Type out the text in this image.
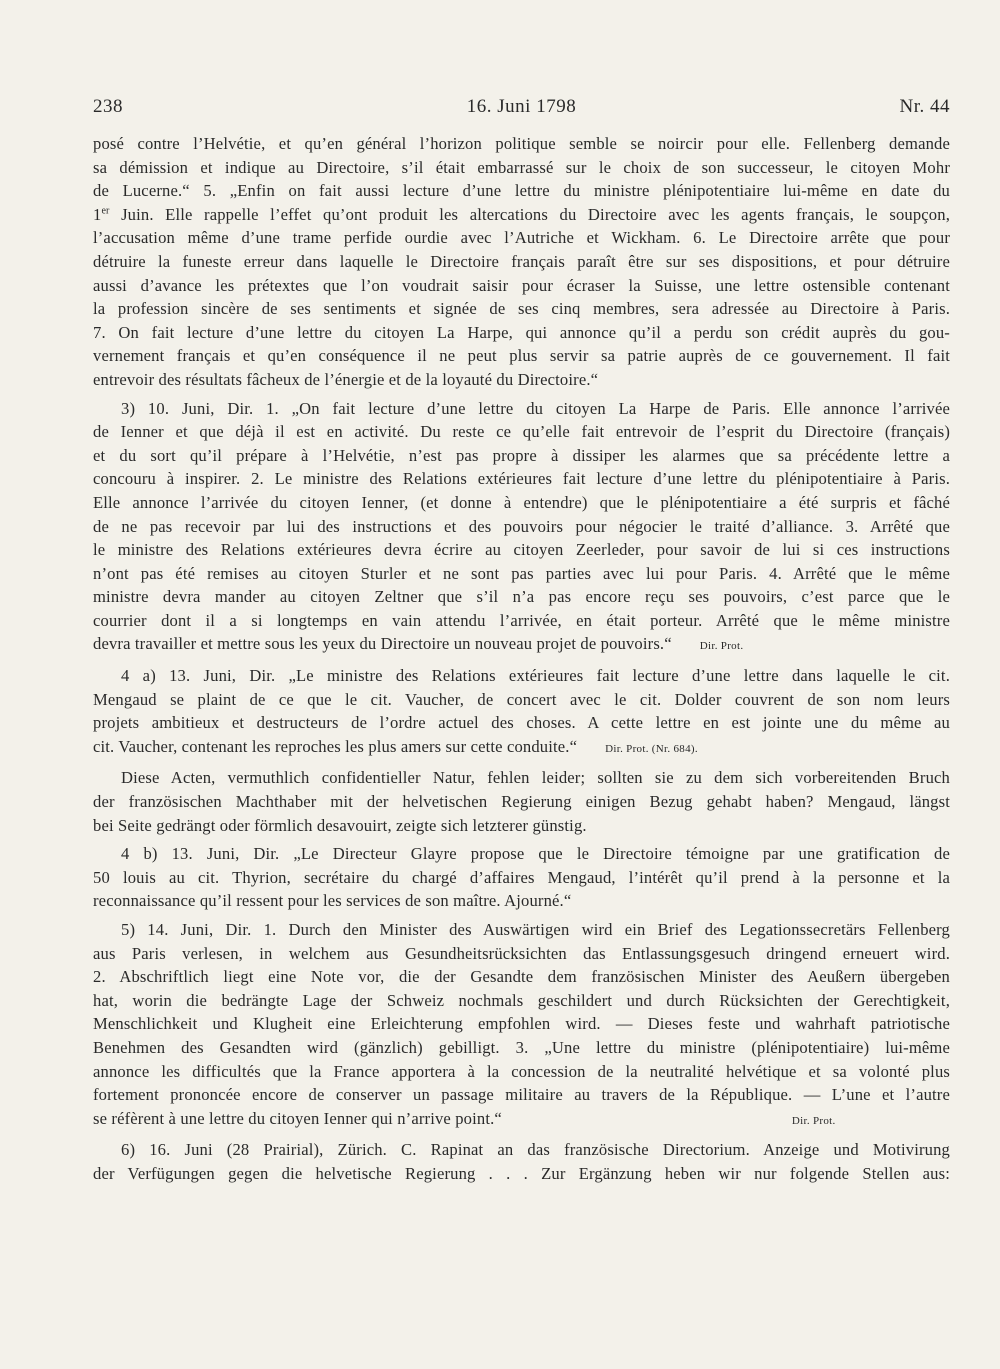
238	16. Juni 1798	Nr. 44

posé contre l’Helvétie, et qu’en général l’horizon politique semble se noircir pour elle. Fellenberg demande
sa démission et indique au Directoire, s’il était embarrassé sur le choix de son successeur, le citoyen Mohr
de Lucerne.“ 5. „Enfin on fait aussi lecture d’une lettre du ministre plénipotentiaire lui-même en date du
1er Juin. Elle rappelle l’effet qu’ont produit les altercations du Directoire avec les agents français, le soupçon,
l’accusation même d’une trame perfide ourdie avec l’Autriche et Wickham. 6. Le Directoire arrête que pour
détruire la funeste erreur dans laquelle le Directoire français paraît être sur ses dispositions, et pour détruire
aussi d’avance les prétextes que l’on voudrait saisir pour écraser la Suisse, une lettre ostensible contenant
la profession sincère de ses sentiments et signée de ses cinq membres, sera adressée au Directoire à Paris.
7. On fait lecture d’une lettre du citoyen La Harpe, qui annonce qu’il a perdu son crédit auprès du gou-
vernement français et qu’en conséquence il ne peut plus servir sa patrie auprès de ce gouvernement. Il fait
entrevoir des résultats fâcheux de l’énergie et de la loyauté du Directoire.“

3) 10. Juni, Dir. 1. „On fait lecture d’une lettre du citoyen La Harpe de Paris. Elle annonce l’arrivée
de Ienner et que déjà il est en activité. Du reste ce qu’elle fait entrevoir de l’esprit du Directoire (français)
et du sort qu’il prépare à l’Helvétie, n’est pas propre à dissiper les alarmes que sa précédente lettre a
concouru à inspirer. 2. Le ministre des Relations extérieures fait lecture d’une lettre du plénipotentiaire à Paris.
Elle annonce l’arrivée du citoyen Ienner, (et donne à entendre) que le plénipotentiaire a été surpris et fâché
de ne pas recevoir par lui des instructions et des pouvoirs pour négocier le traité d’alliance. 3. Arrêté que
le ministre des Relations extérieures devra écrire au citoyen Zeerleder, pour savoir de lui si ces instructions
n’ont pas été remises au citoyen Sturler et ne sont pas parties avec lui pour Paris. 4. Arrêté que le même
ministre devra mander au citoyen Zeltner que s’il n’a pas encore reçu ses pouvoirs, c’est parce que le
courrier dont il a si longtemps en vain attendu l’arrivée, en était porteur. Arrêté que le même ministre
devra travailler et mettre sous les yeux du Directoire un nouveau projet de pouvoirs.“	Dir. Prot.

4 a) 13. Juni, Dir. „Le ministre des Relations extérieures fait lecture d’une lettre dans laquelle le cit.
Mengaud se plaint de ce que le cit. Vaucher, de concert avec le cit. Dolder couvrent de son nom leurs
projets ambitieux et destructeurs de l’ordre actuel des choses. A cette lettre en est jointe une du même au
cit. Vaucher, contenant les reproches les plus amers sur cette conduite.“	Dir. Prot. (Nr. 684).

Diese Acten, vermuthlich confidentieller Natur, fehlen leider; sollten sie zu dem sich vorbereitenden Bruch
der französischen Machthaber mit der helvetischen Regierung einigen Bezug gehabt haben? Mengaud, längst
bei Seite gedrängt oder förmlich desavouirt, zeigte sich letzterer günstig.

4 b) 13. Juni, Dir. „Le Directeur Glayre propose que le Directoire témoigne par une gratification de
50 louis au cit. Thyrion, secrétaire du chargé d’affaires Mengaud, l’intérêt qu’il prend à la personne et la
reconnaissance qu’il ressent pour les services de son maître. Ajourné.“

5) 14. Juni, Dir. 1. Durch den Minister des Auswärtigen wird ein Brief des Legationssecretärs Fellenberg
aus Paris verlesen, in welchem aus Gesundheitsrücksichten das Entlassungsgesuch dringend erneuert wird.
2. Abschriftlich liegt eine Note vor, die der Gesandte dem französischen Minister des Aeußern übergeben
hat, worin die bedrängte Lage der Schweiz nochmals geschildert und durch Rücksichten der Gerechtigkeit,
Menschlichkeit und Klugheit eine Erleichterung empfohlen wird. — Dieses feste und wahrhaft patriotische
Benehmen des Gesandten wird (gänzlich) gebilligt. 3. „Une lettre du ministre (plénipotentiaire) lui-même
annonce les difficultés que la France apportera à la concession de la neutralité helvétique et sa volonté plus
fortement prononcée encore de conserver un passage militaire au travers de la République. — L’une et l’autre
se réfèrent à une lettre du citoyen Ienner qui n’arrive point.“	Dir. Prot.

6) 16. Juni (28 Prairial), Zürich. C. Rapinat an das französische Directorium. Anzeige und Motivirung
der Verfügungen gegen die helvetische Regierung . . . Zur Ergänzung heben wir nur folgende Stellen aus:
